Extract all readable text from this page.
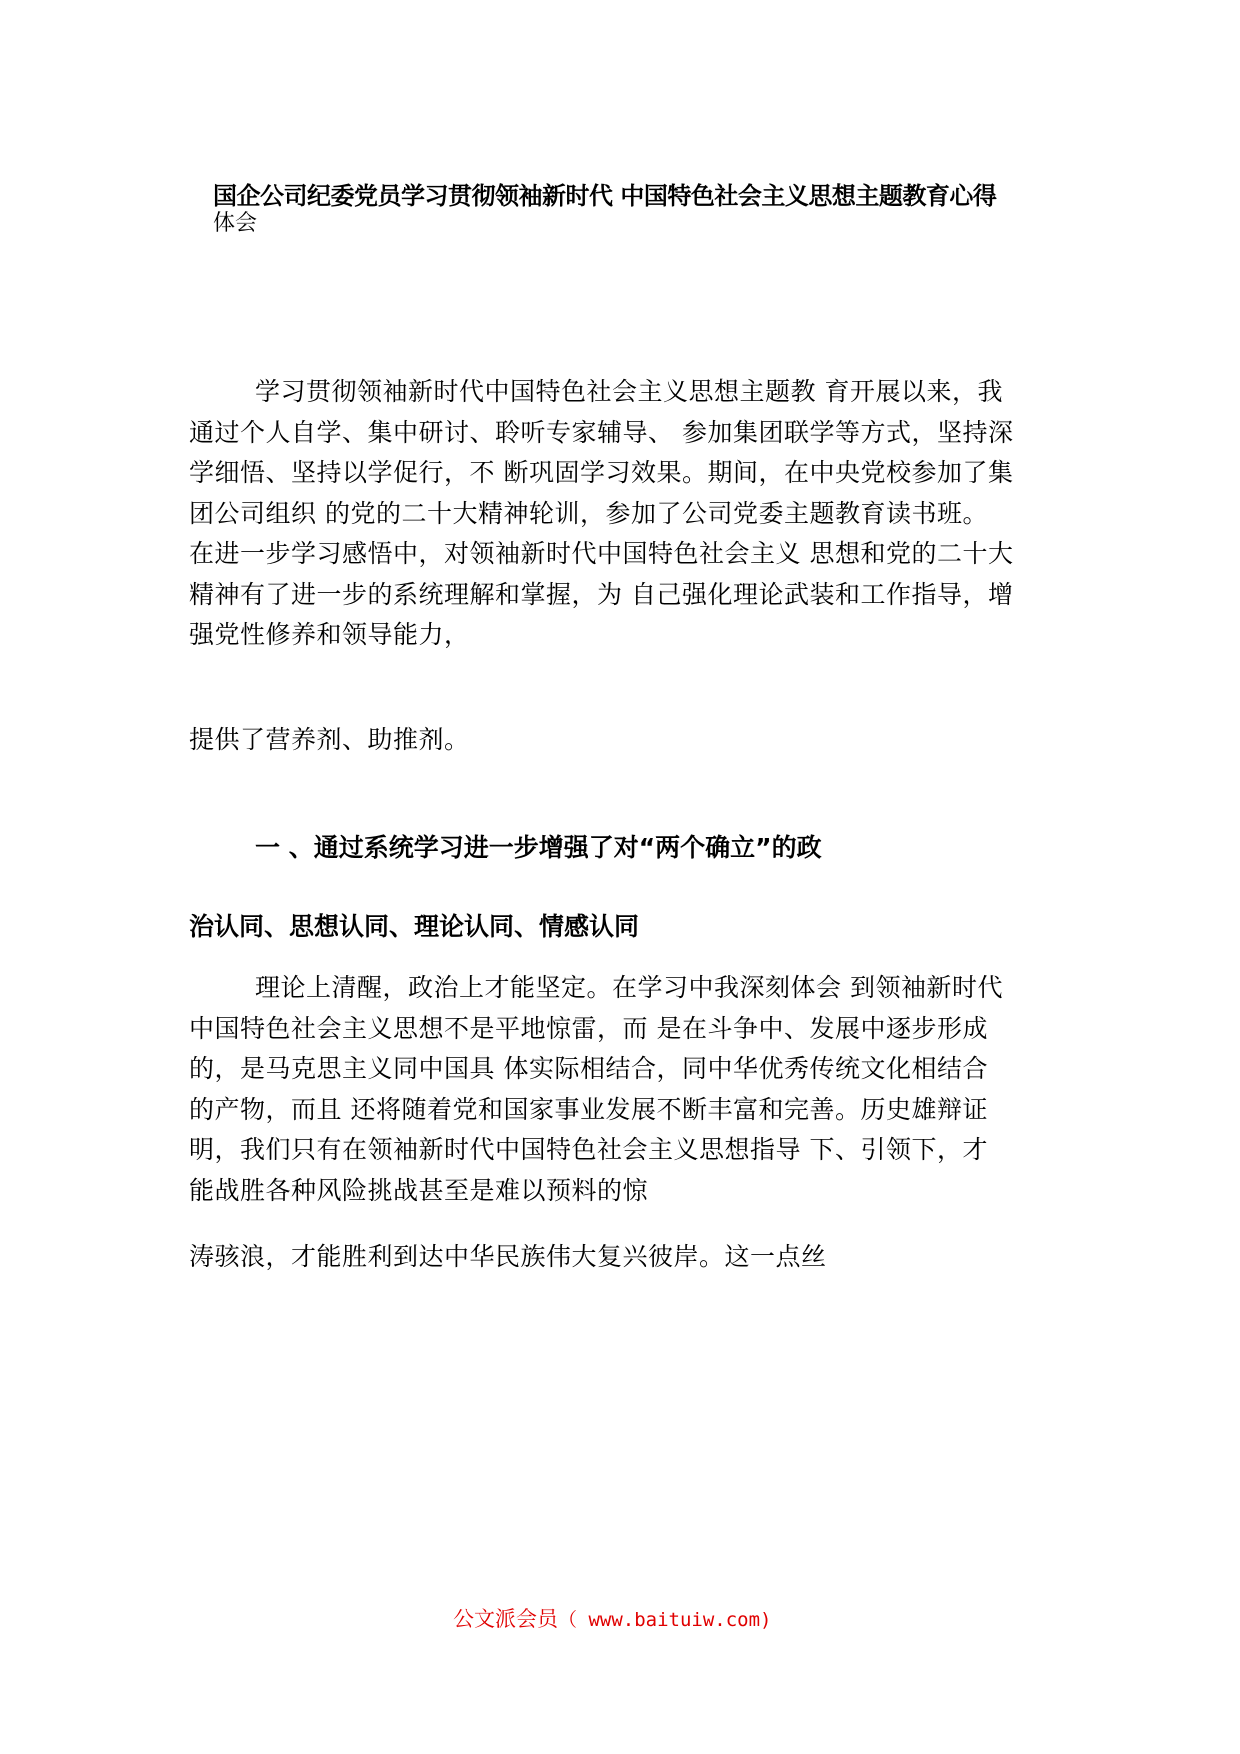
国企公司纪委党员学习贯彻领袖新时代 中国特色社会主义思想主题教育心得
体会
学习贯彻领袖新时代中国特色社会主义思想主题教 育开展以来，我
通过个人自学、集中研讨、聆听专家辅导、 参加集团联学等方式，坚持深
学细悟、坚持以学促行，不 断巩固学习效果。期间，在中央党校参加了集
团公司组织 的党的二十大精神轮训，参加了公司党委主题教育读书班。
在进一步学习感悟中，对领袖新时代中国特色社会主义 思想和党的二十大
精神有了进一步的系统理解和掌握，为 自己强化理论武装和工作指导，增
强党性修养和领导能力，
提供了营养剂、助推剂。
一 、通过系统学习进一步增强了对“两个确立”的政
治认同、思想认同、理论认同、情感认同
理论上清醒，政治上才能坚定。在学习中我深刻体会 到领袖新时代
中国特色社会主义思想不是平地惊雷，而 是在斗争中、发展中逐步形成
的，是马克思主义同中国具 体实际相结合，同中华优秀传统文化相结合
的产物，而且 还将随着党和国家事业发展不断丰富和完善。历史雄辩证
明，我们只有在领袖新时代中国特色社会主义思想指导 下、引领下，才
能战胜各种风险挑战甚至是难以预料的惊
涛骇浪，才能胜利到达中华民族伟大复兴彼岸。这一点丝
公文派会员（ www.baituiw.com)
